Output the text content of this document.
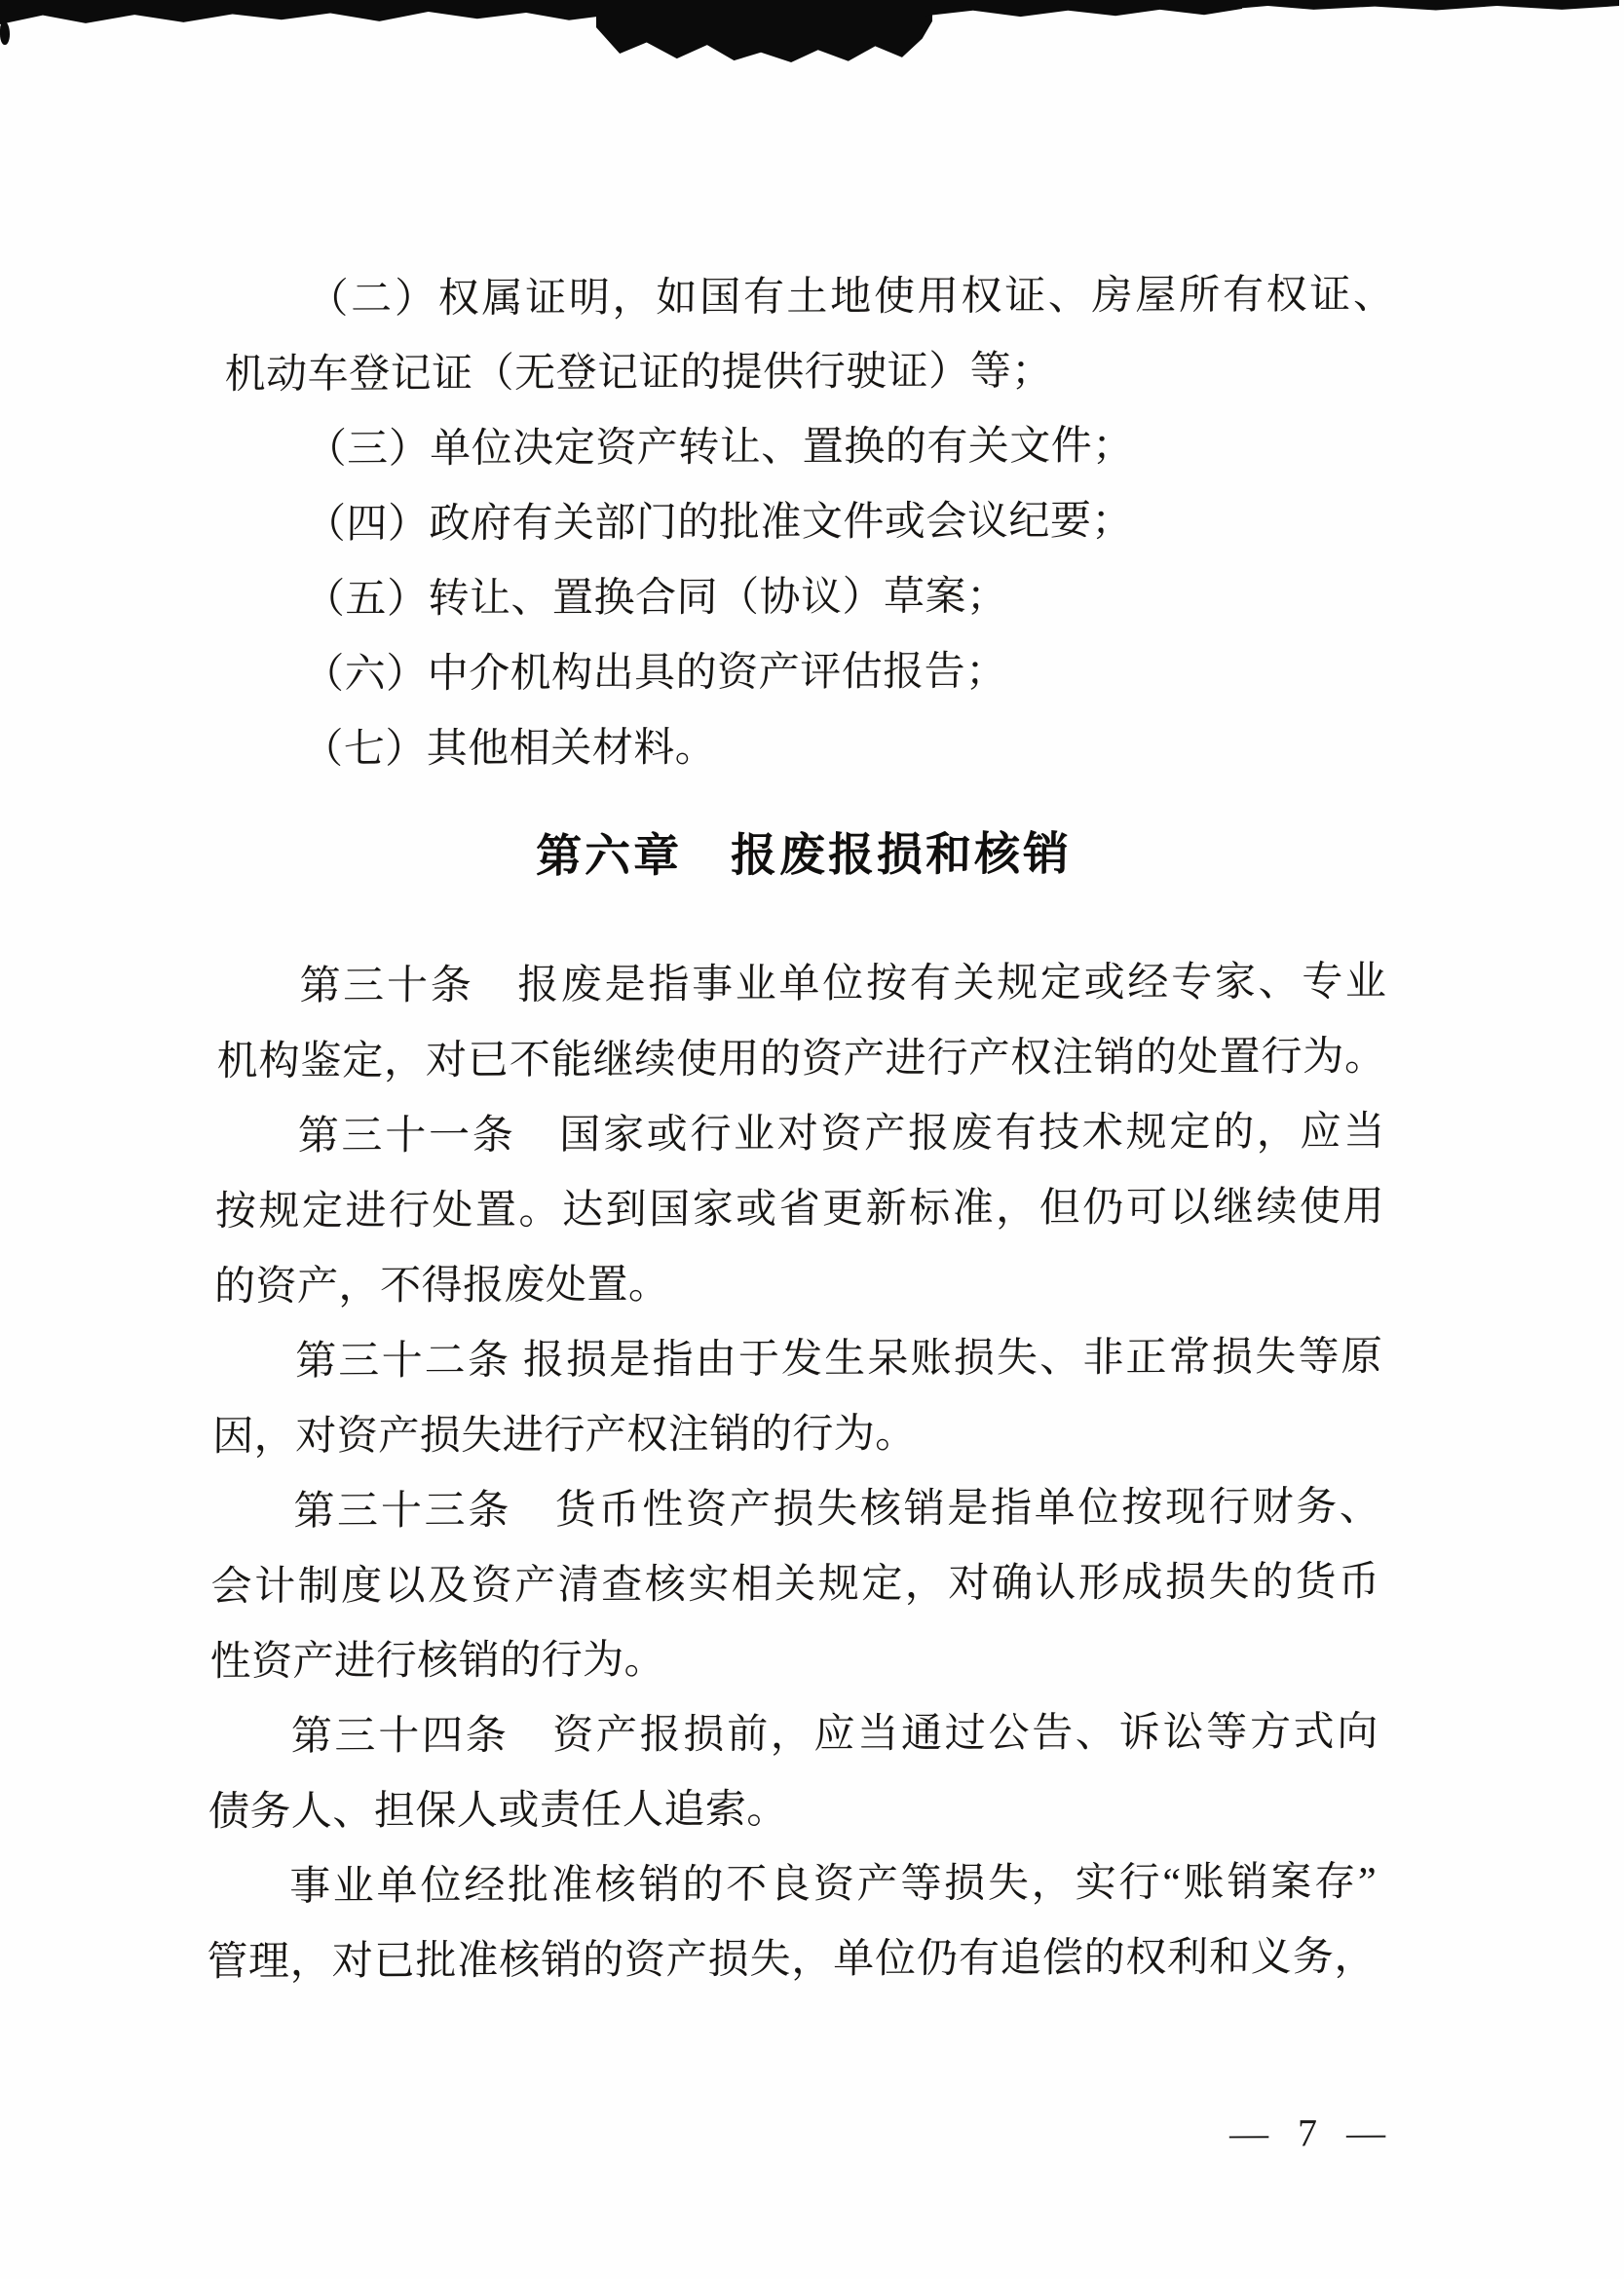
（二）权属证明，如国有土地使用权证、房屋所有权证、
机动车登记证（无登记证的提供行驶证）等；
（三）单位决定资产转让、置换的有关文件；
（四）政府有关部门的批准文件或会议纪要；
（五）转让、置换合同（协议）草案；
（六）中介机构出具的资产评估报告；
（七）其他相关材料。
第六章　报废报损和核销
第三十条　报废是指事业单位按有关规定或经专家、专业
机构鉴定，对已不能继续使用的资产进行产权注销的处置行为。
第三十一条　国家或行业对资产报废有技术规定的，应当
按规定进行处置。达到国家或省更新标准，但仍可以继续使用
的资产，不得报废处置。
第三十二条 报损是指由于发生呆账损失、非正常损失等原
因，对资产损失进行产权注销的行为。
第三十三条　货币性资产损失核销是指单位按现行财务、
会计制度以及资产清查核实相关规定，对确认形成损失的货币
性资产进行核销的行为。
第三十四条　资产报损前，应当通过公告、诉讼等方式向
债务人、担保人或责任人追索。
事业单位经批准核销的不良资产等损失，实行“账销案存”
管理，对已批准核销的资产损失，单位仍有追偿的权利和义务，
— 7 —
